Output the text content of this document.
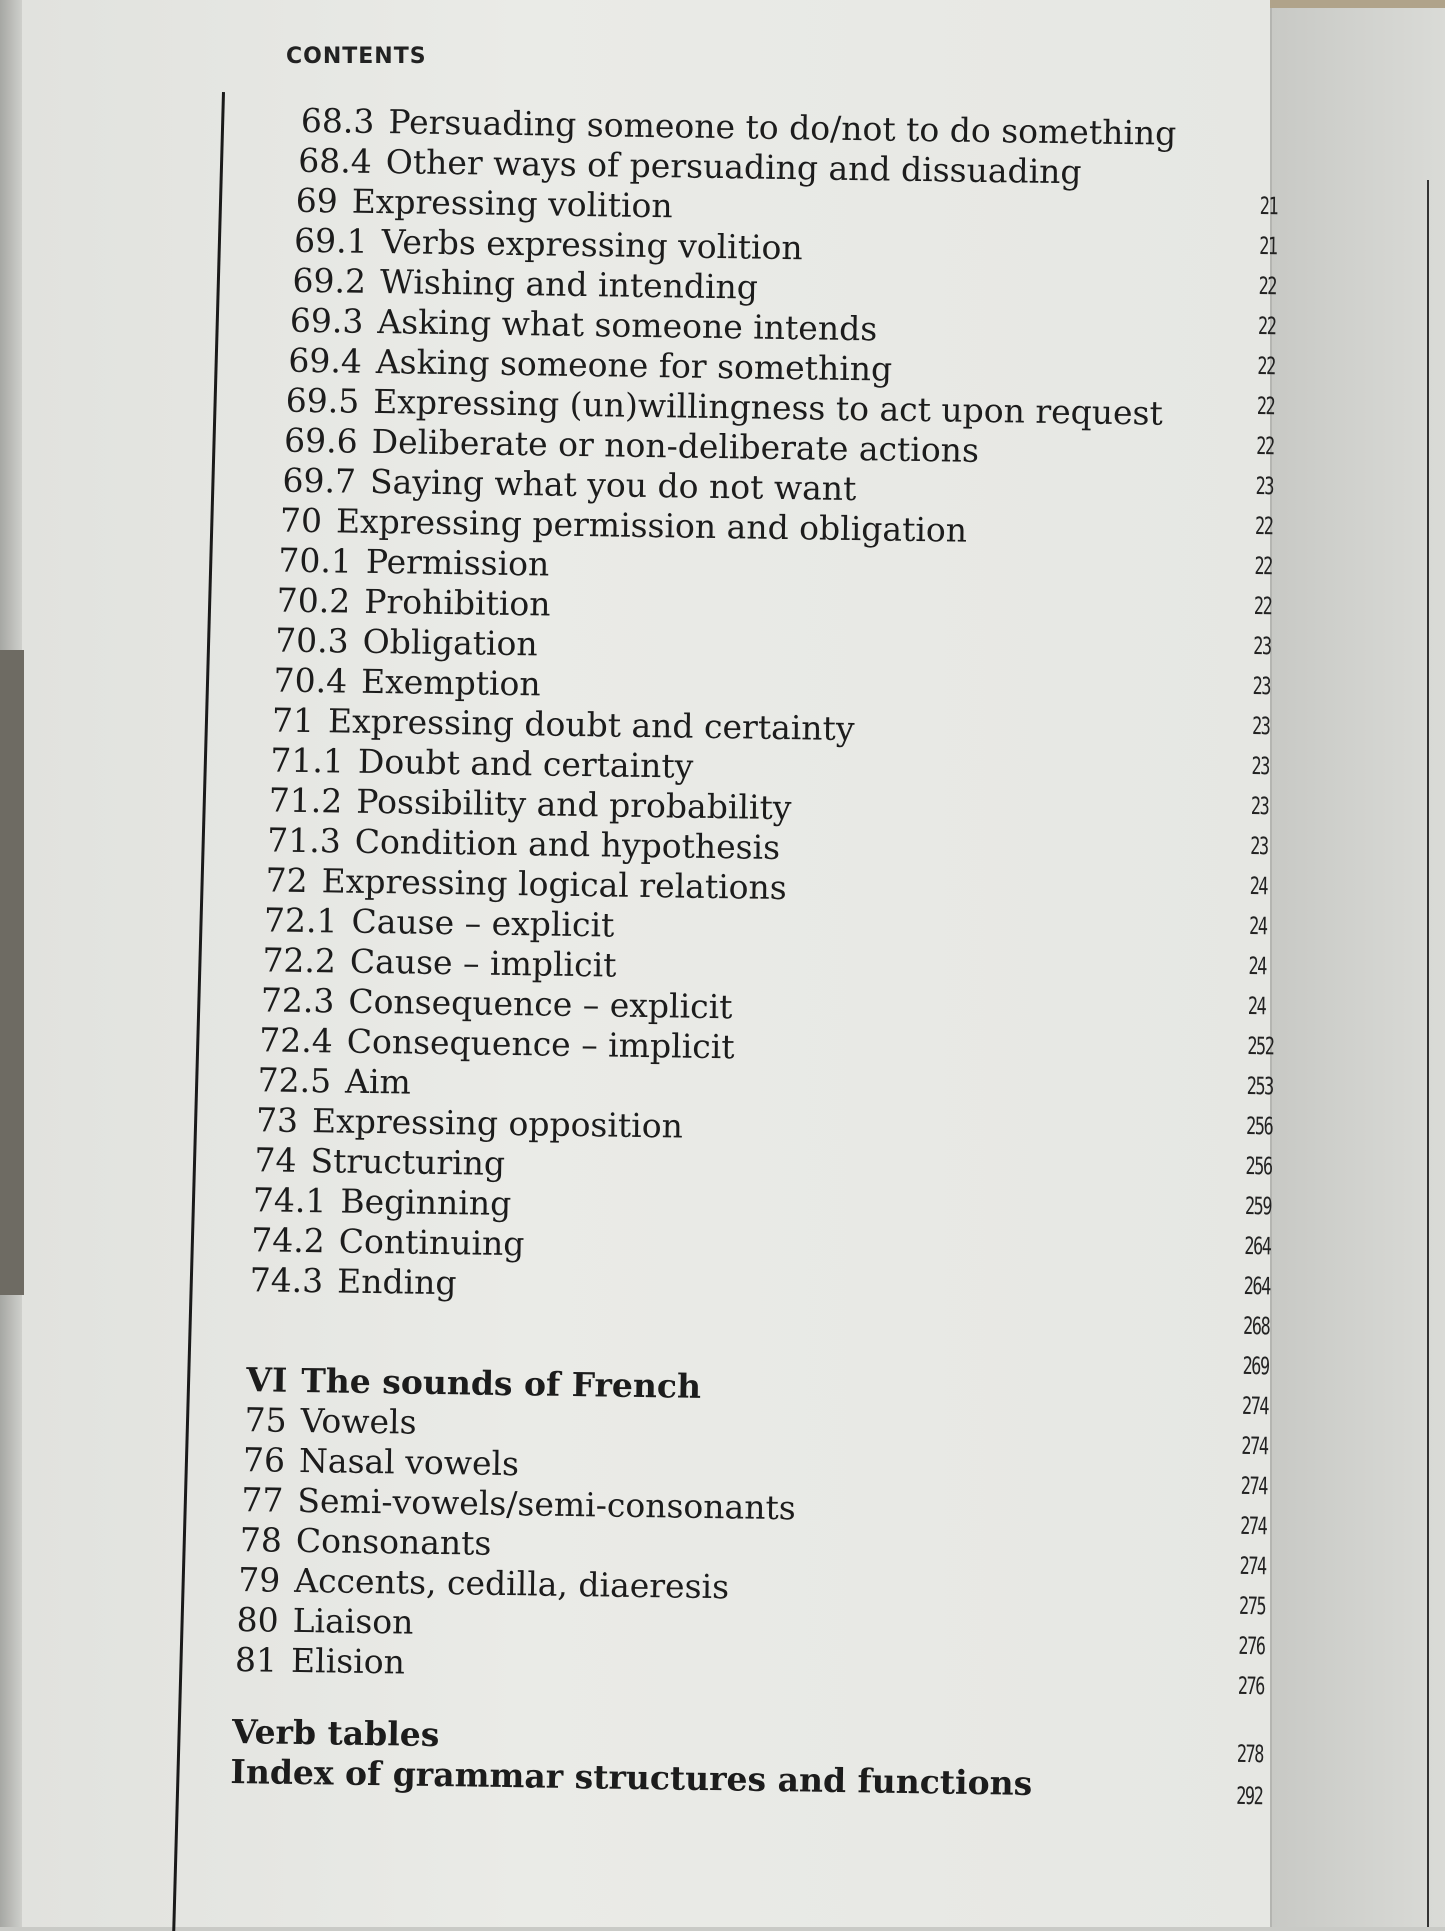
CONTENTS
68.3 Persuading someone to do/not to do something
68.4 Other ways of persuading and dissuading
69 Expressing volition
69.1 Verbs expressing volition
69.2 Wishing and intending
69.3 Asking what someone intends
69.4 Asking someone for something
69.5 Expressing (un)willingness to act upon request
69.6 Deliberate or non-deliberate actions
69.7 Saying what you do not want
70 Expressing permission and obligation
70.1 Permission
70.2 Prohibition
70.3 Obligation
70.4 Exemption
71 Expressing doubt and certainty
71.1 Doubt and certainty
71.2 Possibility and probability
71.3 Condition and hypothesis
72 Expressing logical relations
72.1 Cause – explicit
72.2 Cause – implicit
72.3 Consequence – explicit
72.4 Consequence – implicit
72.5 Aim
73 Expressing opposition
74 Structuring
74.1 Beginning
74.2 Continuing
74.3 Ending
VI The sounds of French
75 Vowels
76 Nasal vowels
77 Semi-vowels/semi-consonants
78 Consonants
79 Accents, cedilla, diaeresis
80 Liaison
81 Elision
Verb tables
Index of grammar structures and functions
21
21
22
22
22
22
22
23
22
22
22
23
23
23
23
23
23
24
24
24
24
252
253
256
256
259
264
264
268
269
274
274
274
274
274
275
276
276
278
292
